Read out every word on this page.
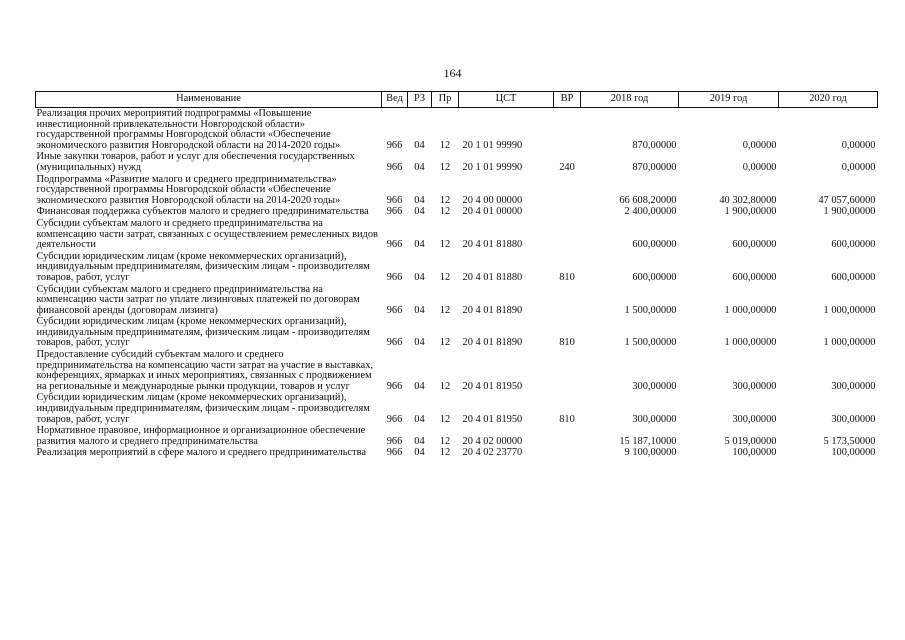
164
Наименование	Вед	РЗ	Пр	ЦСТ	ВР	2018 год	2019 год	2020 год
Реализация прочих мероприятий подпрограммы «Повышение инвестиционной привлекательности Новгородской области» государственной программы Новгородской области «Обеспечение экономического развития Новгородской области на 2014-2020 годы»	966	04	12	20 1 01 99990		870,00000	0,00000	0,00000
Иные закупки товаров, работ и услуг для обеспечения государственных (муниципальных) нужд	966	04	12	20 1 01 99990	240	870,00000	0,00000	0,00000
Подпрограмма «Развитие малого и среднего предпринимательства» государственной программы Новгородской области «Обеспечение экономического развития Новгородской области на 2014-2020 годы»	966	04	12	20 4 00 00000		66 608,20000	40 302,80000	47 057,60000
Финансовая поддержка субъектов малого и среднего предпринимательства	966	04	12	20 4 01 00000		2 400,00000	1 900,00000	1 900,00000
Субсидии субъектам малого и среднего предпринимательства на компенсацию части затрат, связанных с осуществлением ремесленных видов деятельности	966	04	12	20 4 01 81880		600,00000	600,00000	600,00000
Субсидии юридическим лицам (кроме некоммерческих организаций), индивидуальным предпринимателям, физическим лицам - производителям товаров, работ, услуг	966	04	12	20 4 01 81880	810	600,00000	600,00000	600,00000
Субсидии субъектам малого и среднего предпринимательства на компенсацию части затрат по уплате лизинговых платежей по договорам финансовой аренды (договорам лизинга)	966	04	12	20 4 01 81890		1 500,00000	1 000,00000	1 000,00000
Субсидии юридическим лицам (кроме некоммерческих организаций), индивидуальным предпринимателям, физическим лицам - производителям товаров, работ, услуг	966	04	12	20 4 01 81890	810	1 500,00000	1 000,00000	1 000,00000
Предоставление субсидий субъектам малого и среднего предпринимательства на компенсацию части затрат на участие в выставках, конференциях, ярмарках и иных мероприятиях, связанных с продвижением на региональные и международные рынки продукции, товаров и услуг	966	04	12	20 4 01 81950		300,00000	300,00000	300,00000
Субсидии юридическим лицам (кроме некоммерческих организаций), индивидуальным предпринимателям, физическим лицам - производителям товаров, работ, услуг	966	04	12	20 4 01 81950	810	300,00000	300,00000	300,00000
Нормативное правовое, информационное и организационное обеспечение развития малого и среднего предпринимательства	966	04	12	20 4 02 00000		15 187,10000	5 019,00000	5 173,50000
Реализация мероприятий в сфере малого и среднего предпринимательства	966	04	12	20 4 02 23770		9 100,00000	100,00000	100,00000
